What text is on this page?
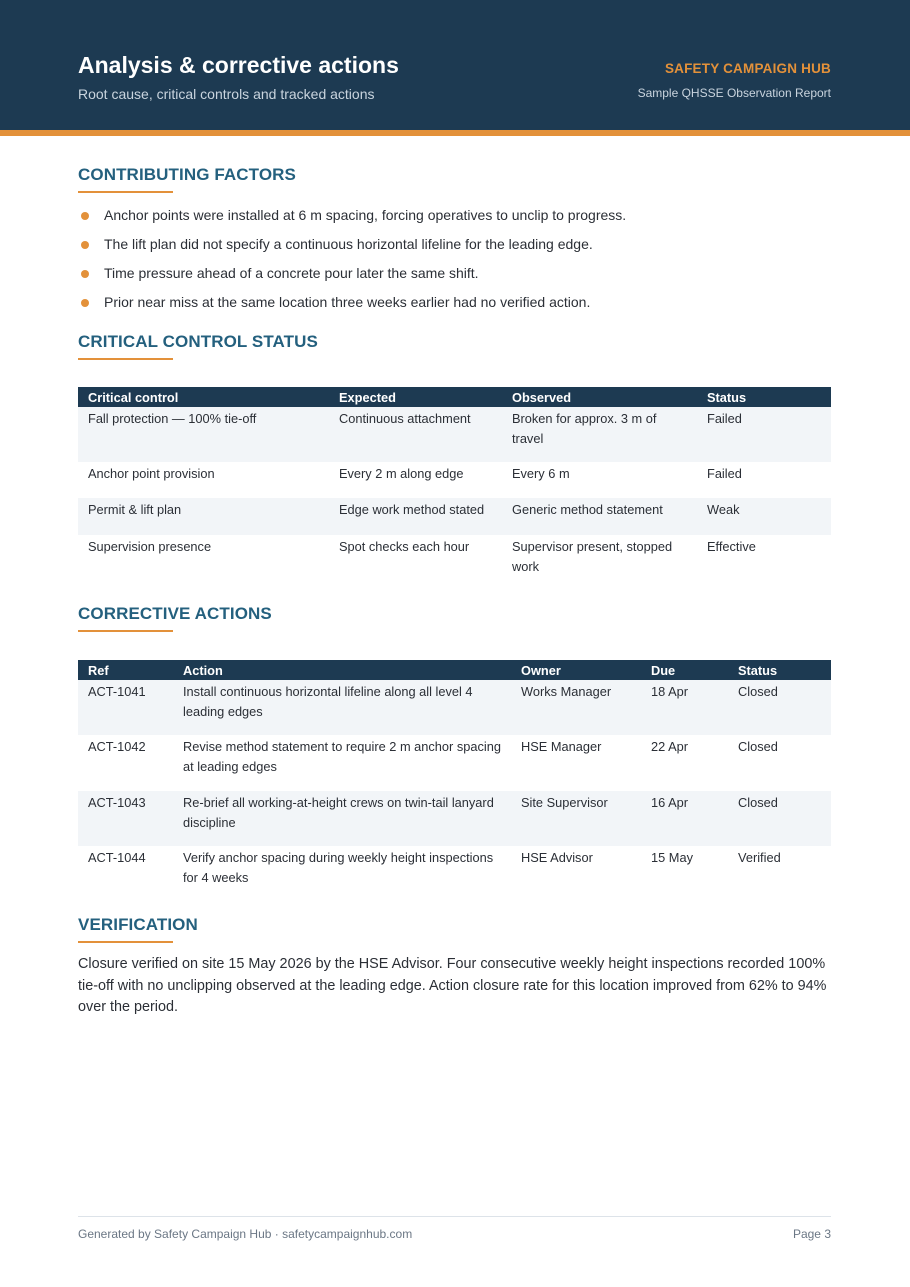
Analysis & corrective actions
Root cause, critical controls and tracked actions
SAFETY CAMPAIGN HUB
Sample QHSSE Observation Report
CONTRIBUTING FACTORS
Anchor points were installed at 6 m spacing, forcing operatives to unclip to progress.
The lift plan did not specify a continuous horizontal lifeline for the leading edge.
Time pressure ahead of a concrete pour later the same shift.
Prior near miss at the same location three weeks earlier had no verified action.
CRITICAL CONTROL STATUS
Critical control	Expected	Observed	Status
Fall protection — 100% tie-off	Continuous attachment	Broken for approx. 3 m of travel	Failed
Anchor point provision	Every 2 m along edge	Every 6 m	Failed
Permit & lift plan	Edge work method stated	Generic method statement	Weak
Supervision presence	Spot checks each hour	Supervisor present, stopped work	Effective
CORRECTIVE ACTIONS
Ref	Action	Owner	Due	Status
ACT-1041	Install continuous horizontal lifeline along all level 4 leading edges	Works Manager	18 Apr	Closed
ACT-1042	Revise method statement to require 2 m anchor spacing at leading edges	HSE Manager	22 Apr	Closed
ACT-1043	Re-brief all working-at-height crews on twin-tail lanyard discipline	Site Supervisor	16 Apr	Closed
ACT-1044	Verify anchor spacing during weekly height inspections for 4 weeks	HSE Advisor	15 May	Verified
VERIFICATION

Closure verified on site 15 May 2026 by the HSE Advisor. Four consecutive weekly height inspections recorded 100% tie-off with no unclipping observed at the leading edge. Action closure rate for this location improved from 62% to 94% over the period.

Generated by Safety Campaign Hub · safetycampaignhub.com	Page 3
